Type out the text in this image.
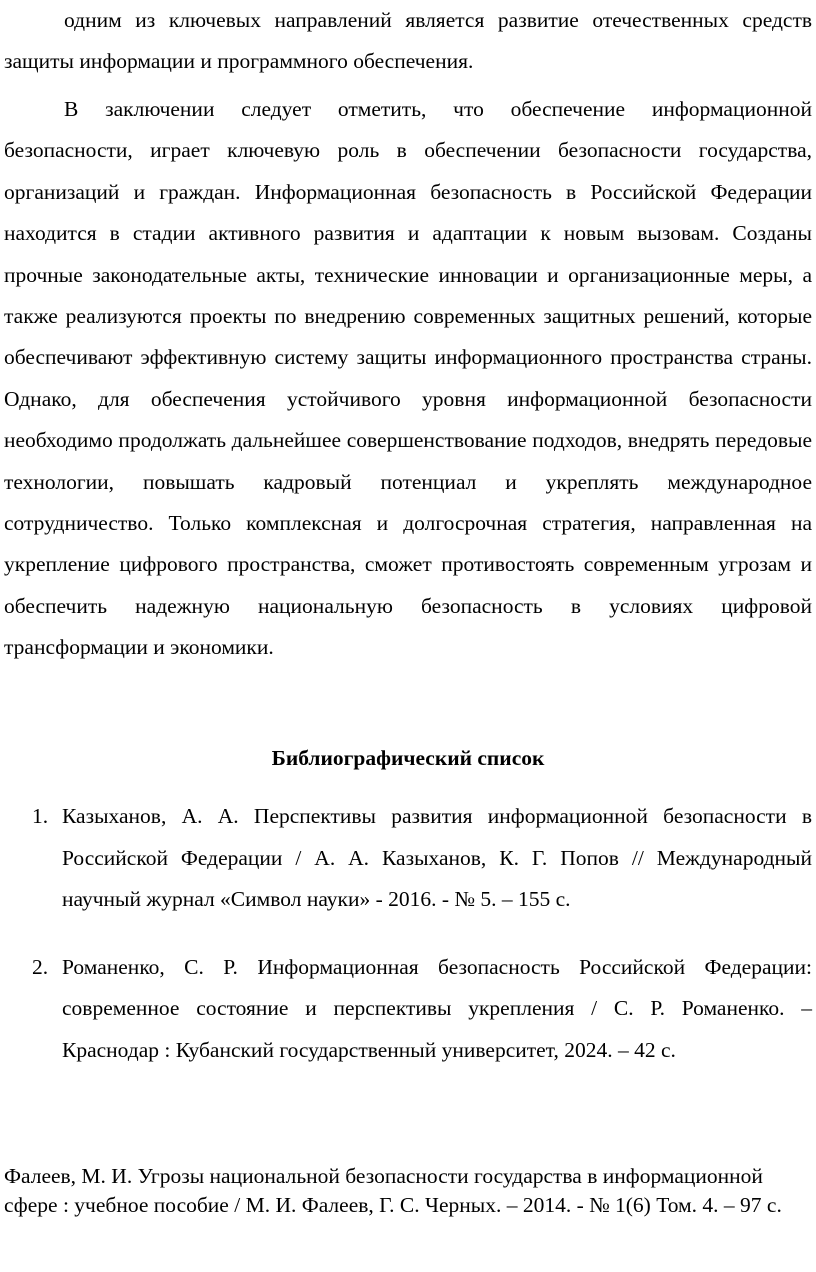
одним из ключевых направлений является развитие отечественных средств защиты информации и программного обеспечения.

В заключении следует отметить, что обеспечение информационной безопасности, играет ключевую роль в обеспечении безопасности государства, организаций и граждан. Информационная безопасность в Российской Федерации находится в стадии активного развития и адаптации к новым вызовам. Созданы прочные законодательные акты, технические инновации и организационные меры, а также реализуются проекты по внедрению современных защитных решений, которые обеспечивают эффективную систему защиты информационного пространства страны. Однако, для обеспечения устойчивого уровня информационной безопасности необходимо продолжать дальнейшее совершенствование подходов, внедрять передовые технологии, повышать кадровый потенциал и укреплять международное сотрудничество. Только комплексная и долгосрочная стратегия, направленная на укрепление цифрового пространства, сможет противостоять современным угрозам и обеспечить надежную национальную безопасность в условиях цифровой трансформации и экономики.

Библиографический список
1. Казыханов, А. А. Перспективы развития информационной безопасности в Российской Федерации / А. А. Казыханов, К. Г. Попов // Международный научный журнал «Символ науки» - 2016. - № 5. – 155 с.
2. Романенко, С. Р. Информационная безопасность Российской Федерации: современное состояние и перспективы укрепления / С. Р. Романенко. – Краснодар : Кубанский государственный университет, 2024. – 42 с.

Фалеев, М. И. Угрозы национальной безопасности государства в информационной сфере : учебное пособие / М. И. Фалеев, Г. С. Черных. – 2014. - № 1(6) Том. 4. – 97 с.
